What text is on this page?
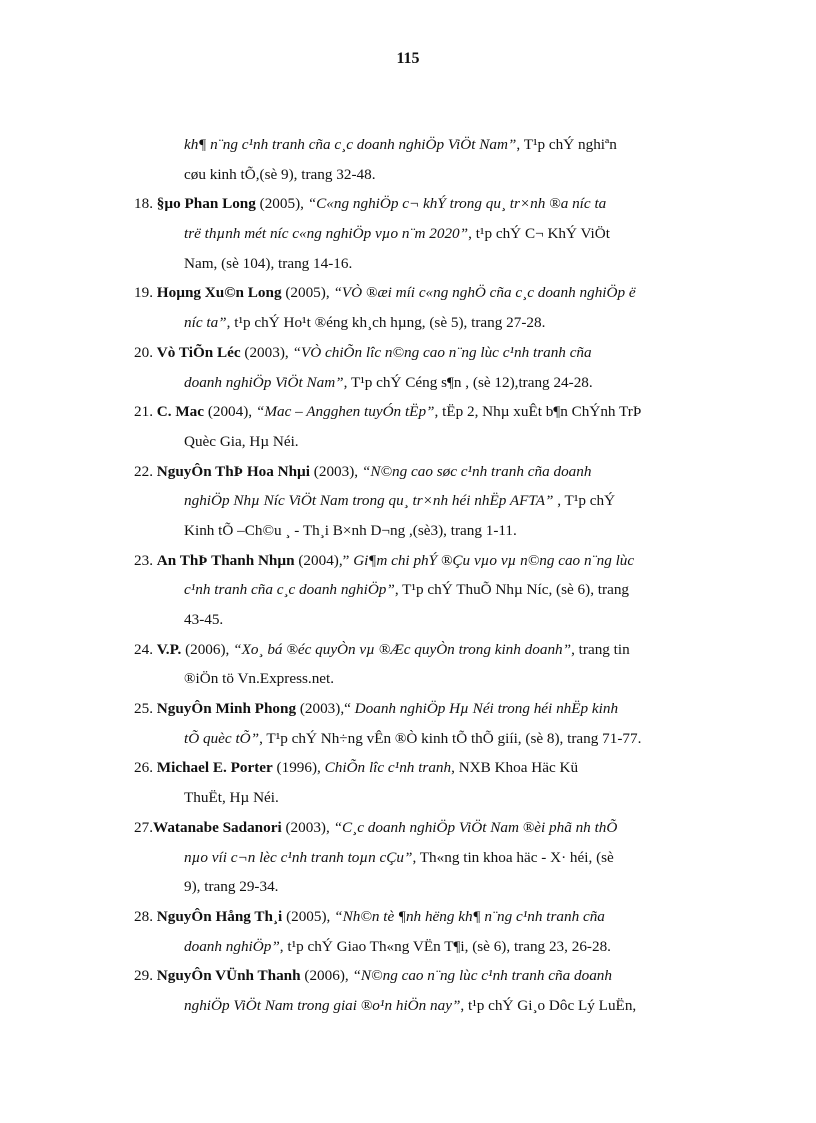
115
kh¶ n¨ng c¹nh tranh cña c¸c doanh nghiÖp ViÖt Nam”, T¹p chÝ nghiªn
cøu kinh tÕ,(sè 9), trang 32-48.
18. §µo Phan Long (2005), “C«ng nghiÖp c¬ khÝ trong qu¸ tr×nh ®a níc ta
trë thµnh mét níc c«ng nghiÖp vµo n¨m 2020”, t¹p chÝ C¬ KhÝ ViÖt
Nam, (sè 104), trang 14-16.
19. Hoµng Xu©n Long (2005), “VÒ ®æi míi c«ng nghÖ cña c¸c doanh nghiÖp ë
níc ta”, t¹p chÝ Ho¹t ®éng kh¸ch hµng, (sè 5), trang 27-28.
20. Vò TiÕn Léc (2003), “VÒ chiÕn lîc n©ng cao n¨ng lùc c¹nh tranh cña
doanh nghiÖp ViÖt Nam”, T¹p chÝ Céng s¶n , (sè 12),trang 24-28.
21. C. Mac (2004), “Mac – Angghen tuyÓn tËp”, tËp 2, Nhµ xuÊt b¶n ChÝnh TrÞ
Quèc Gia, Hµ Néi.
22. NguyÔn ThÞ Hoa Nhµi (2003), “N©ng cao søc c¹nh tranh cña doanh
nghiÖp Nhµ Níc ViÖt Nam trong qu¸ tr×nh héi nhËp AFTA” , T¹p chÝ
Kinh tÕ –Ch©u ¸ - Th¸i B×nh D¬ng ,(sè3), trang 1-11.
23. An ThÞ Thanh Nhµn (2004),” Gi¶m chi phÝ ®Çu vµo vµ n©ng cao n¨ng lùc
c¹nh tranh cña c¸c doanh nghiÖp”, T¹p chÝ ThuÕ Nhµ Níc, (sè 6), trang
43-45.
24. V.P. (2006), “Xo¸ bá ®éc quyÒn vµ ®Æc quyÒn trong kinh doanh”, trang tin
®iÖn tö Vn.Express.net.
25. NguyÔn Minh Phong (2003),“ Doanh nghiÖp Hµ Néi trong héi nhËp kinh
tÕ quèc tÕ”, T¹p chÝ Nh÷ng vÊn ®Ò kinh tÕ thÕ giíi, (sè 8), trang 71-77.
26. Michael E. Porter (1996), ChiÕn lîc c¹nh tranh, NXB Khoa Häc Kü
ThuËt, Hµ Néi.
27.Watanabe Sadanori (2003), “C¸c doanh nghiÖp ViÖt Nam ®èi phã nh thÕ
nµo víi c¬n lèc c¹nh tranh toµn cÇu”, Th«ng tin khoa häc - X· héi, (sè
9), trang 29-34.
28. NguyÔn Hång Th¸i (2005), “Nh©n tè ¶nh hëng kh¶ n¨ng c¹nh tranh cña
doanh nghiÖp”, t¹p chÝ Giao Th«ng VËn T¶i, (sè 6), trang 23, 26-28.
29. NguyÔn VÜnh Thanh (2006), “N©ng cao n¨ng lùc c¹nh tranh cña doanh
nghiÖp ViÖt Nam trong giai ®o¹n hiÖn nay”, t¹p chÝ Gi¸o Dôc Lý LuËn,
